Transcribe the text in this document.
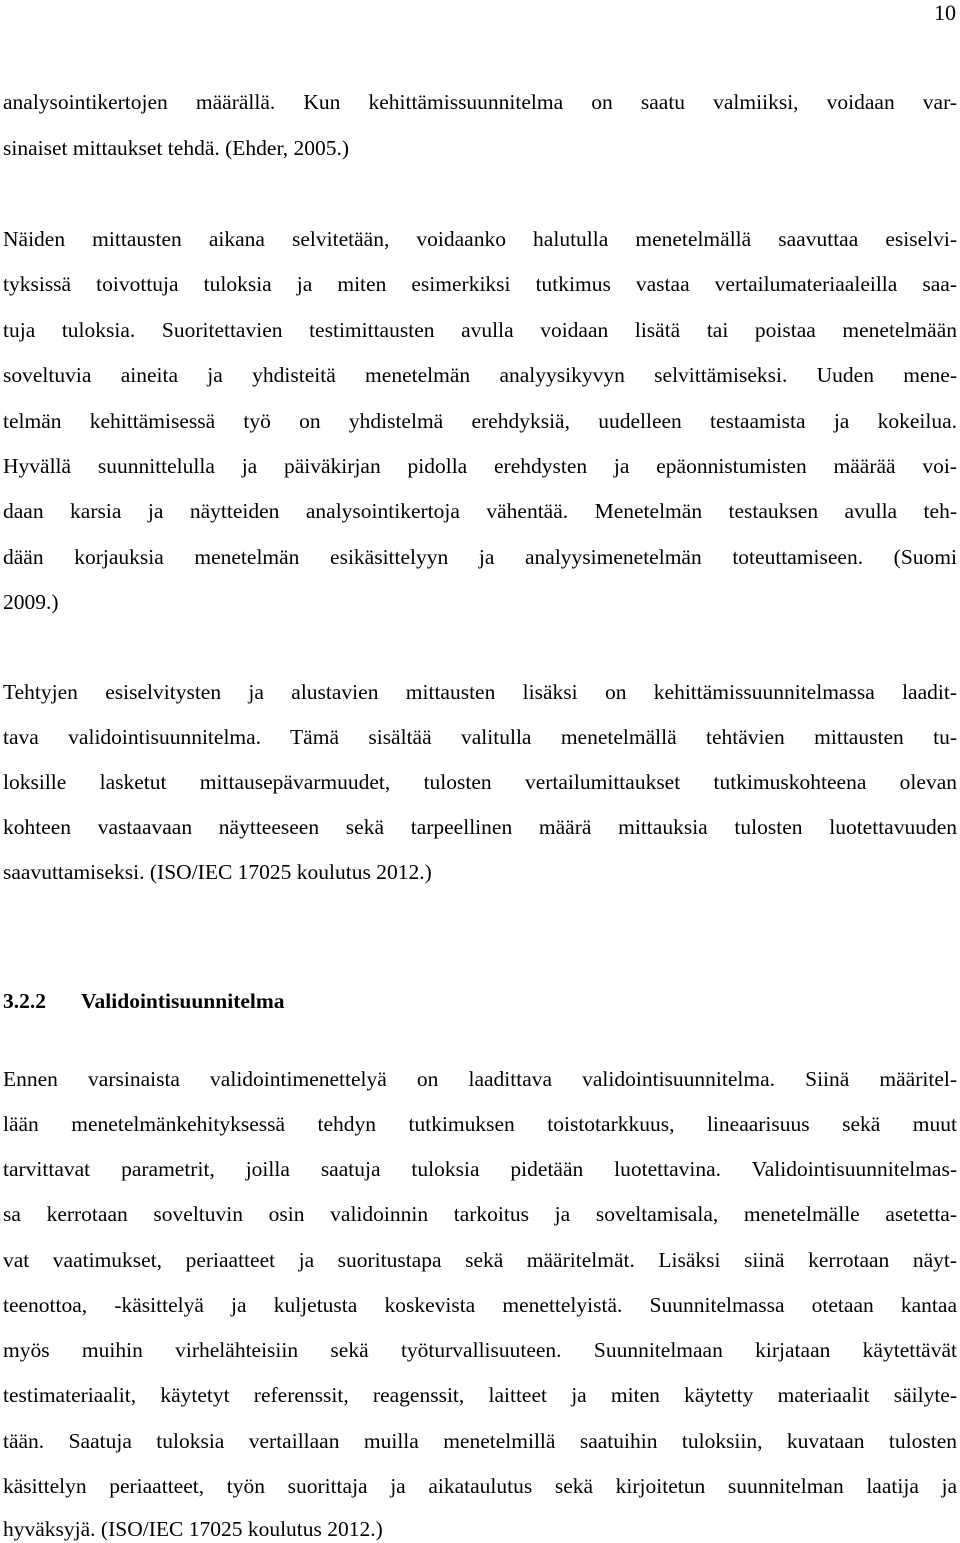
10
analysointikertojen määrällä. Kun kehittämissuunnitelma on saatu valmiiksi, voidaan var-
sinaiset mittaukset tehdä. (Ehder, 2005.)
Näiden mittausten aikana selvitetään, voidaanko halutulla menetelmällä saavuttaa esiselvi-
tyksissä toivottuja tuloksia ja miten esimerkiksi tutkimus vastaa vertailumateriaaleilla saa-
tuja tuloksia. Suoritettavien testimittausten avulla voidaan lisätä tai poistaa menetelmään
soveltuvia aineita ja yhdisteitä menetelmän analyysikyvyn selvittämiseksi. Uuden mene-
telmän kehittämisessä työ on yhdistelmä erehdyksiä, uudelleen testaamista ja kokeilua.
Hyvällä suunnittelulla ja päiväkirjan pidolla erehdysten ja epäonnistumisten määrää voi-
daan karsia ja näytteiden analysointikertoja vähentää. Menetelmän testauksen avulla teh-
dään korjauksia menetelmän esikäsittelyyn ja analyysimenetelmän toteuttamiseen. (Suomi
2009.)
Tehtyjen esiselvitysten ja alustavien mittausten lisäksi on kehittämissuunnitelmassa laadit-
tava validointisuunnitelma. Tämä sisältää valitulla menetelmällä tehtävien mittausten tu-
loksille lasketut mittausepävarmuudet, tulosten vertailumittaukset tutkimuskohteena olevan
kohteen vastaavaan näytteeseen sekä tarpeellinen määrä mittauksia tulosten luotettavuuden
saavuttamiseksi. (ISO/IEC 17025 koulutus 2012.)
3.2.2 Validointisuunnitelma
Ennen varsinaista validointimenettelyä on laadittava validointisuunnitelma. Siinä määritel-
lään menetelmänkehityksessä tehdyn tutkimuksen toistotarkkuus, lineaarisuus sekä muut
tarvittavat parametrit, joilla saatuja tuloksia pidetään luotettavina. Validointisuunnitelmas-
sa kerrotaan soveltuvin osin validoinnin tarkoitus ja soveltamisala, menetelmälle asetetta-
vat vaatimukset, periaatteet ja suoritustapa sekä määritelmät. Lisäksi siinä kerrotaan näyt-
teenottoa, -käsittelyä ja kuljetusta koskevista menettelyistä. Suunnitelmassa otetaan kantaa
myös muihin virhelähteisiin sekä työturvallisuuteen. Suunnitelmaan kirjataan käytettävät
testimateriaalit, käytetyt referenssit, reagenssit, laitteet ja miten käytetty materiaalit säilyte-
tään. Saatuja tuloksia vertaillaan muilla menetelmillä saatuihin tuloksiin, kuvataan tulosten
käsittelyn periaatteet, työn suorittaja ja aikataulutus sekä kirjoitetun suunnitelman laatija ja
hyväksyjä. (ISO/IEC 17025 koulutus 2012.)
